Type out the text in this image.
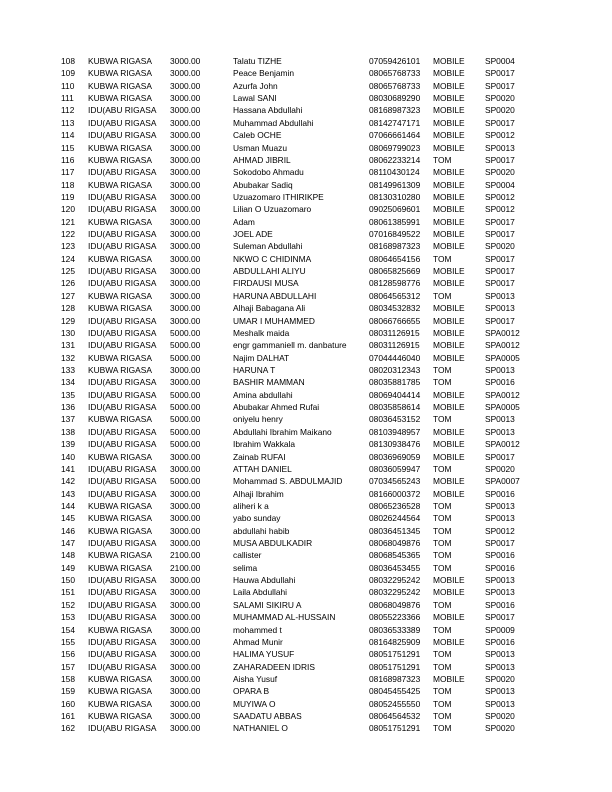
108	KUBWA RIGASA	3000.00	Talatu TIZHE	07059426101	MOBILE	SP0004
109	KUBWA RIGASA	3000.00	Peace Benjamin	08065768733	MOBILE	SP0017
110	KUBWA RIGASA	3000.00	Azurfa John	08065768733	MOBILE	SP0017
111	KUBWA RIGASA	3000.00	Lawal SANI	08030689290	MOBILE	SP0020
112	IDU(ABU RIGASA	3000.00	Hassana Abdullahi	08168987323	MOBILE	SP0020
113	IDU(ABU RIGASA	3000.00	Muhammad Abdullahi	08142747171	MOBILE	SP0017
114	IDU(ABU RIGASA	3000.00	Caleb OCHE	07066661464	MOBILE	SP0012
115	KUBWA RIGASA	3000.00	Usman Muazu	08069799023	MOBILE	SP0013
116	KUBWA RIGASA	3000.00	AHMAD JIBRIL	08062233214	TOM	SP0017
117	IDU(ABU RIGASA	3000.00	Sokodobo Ahmadu	08110430124	MOBILE	SP0020
118	KUBWA RIGASA	3000.00	Abubakar Sadiq	08149961309	MOBILE	SP0004
119	IDU(ABU RIGASA	3000.00	Uzuazomaro ITHIRIKPE	08130310280	MOBILE	SP0012
120	IDU(ABU RIGASA	3000.00	Lilian O Uzuazomaro	09025069601	MOBILE	SP0012
121	KUBWA RIGASA	3000.00	Adam	08061385991	MOBILE	SP0017
122	IDU(ABU RIGASA	3000.00	JOEL ADE	07016849522	MOBILE	SP0017
123	IDU(ABU RIGASA	3000.00	Suleman Abdullahi	08168987323	MOBILE	SP0020
124	KUBWA RIGASA	3000.00	NKWO C CHIDINMA	08064654156	TOM	SP0017
125	IDU(ABU RIGASA	3000.00	ABDULLAHI ALIYU	08065825669	MOBILE	SP0017
126	IDU(ABU RIGASA	3000.00	FIRDAUSI MUSA	08128598776	MOBILE	SP0017
127	KUBWA RIGASA	3000.00	HARUNA ABDULLAHI	08064565312	TOM	SP0013
128	KUBWA RIGASA	3000.00	Alhaji Babagana Ali	08034532832	MOBILE	SP0013
129	IDU(ABU RIGASA	3000.00	UMAR I MUHAMMED	08066766655	MOBILE	SP0017
130	IDU(ABU RIGASA	5000.00	Meshalk maida	08031126915	MOBILE	SPA0012
131	IDU(ABU RIGASA	5000.00	engr gammaniell m. danbature	08031126915	MOBILE	SPA0012
132	KUBWA RIGASA	5000.00	Najim DALHAT	07044446040	MOBILE	SPA0005
133	KUBWA RIGASA	3000.00	HARUNA T	08020312343	TOM	SP0013
134	IDU(ABU RIGASA	3000.00	BASHIR MAMMAN	08035881785	TOM	SP0016
135	IDU(ABU RIGASA	5000.00	Amina abdullahi	08069404414	MOBILE	SPA0012
136	IDU(ABU RIGASA	5000.00	Abubakar Ahmed Rufai	08035858614	MOBILE	SPA0005
137	KUBWA RIGASA	5000.00	oniyelu henry	08036453152	TOM	SP0013
138	IDU(ABU RIGASA	5000.00	Abdullahi Ibrahim Maikano	08103948957	MOBILE	SP0013
139	IDU(ABU RIGASA	5000.00	Ibrahim Wakkala	08130938476	MOBILE	SPA0012
140	KUBWA RIGASA	3000.00	Zainab RUFAI	08036969059	MOBILE	SP0017
141	IDU(ABU RIGASA	3000.00	ATTAH DANIEL	08036059947	TOM	SP0020
142	IDU(ABU RIGASA	5000.00	Mohammad S. ABDULMAJID	07034565243	MOBILE	SPA0007
143	IDU(ABU RIGASA	3000.00	Alhaji Ibrahim	08166000372	MOBILE	SP0016
144	KUBWA RIGASA	3000.00	aliheri k a	08065236528	TOM	SP0013
145	KUBWA RIGASA	3000.00	yabo sunday	08026244564	TOM	SP0013
146	KUBWA RIGASA	3000.00	abdullahi habib	08036451345	TOM	SP0012
147	IDU(ABU RIGASA	3000.00	MUSA ABDULKADIR	08068049876	TOM	SP0017
148	KUBWA RIGASA	2100.00	callister	08068545365	TOM	SP0016
149	KUBWA RIGASA	2100.00	selima	08036453455	TOM	SP0016
150	IDU(ABU RIGASA	3000.00	Hauwa Abdullahi	08032295242	MOBILE	SP0013
151	IDU(ABU RIGASA	3000.00	Laila Abdullahi	08032295242	MOBILE	SP0013
152	IDU(ABU RIGASA	3000.00	SALAMI SIKIRU A	08068049876	TOM	SP0016
153	IDU(ABU RIGASA	3000.00	MUHAMMAD AL-HUSSAIN	08055223366	MOBILE	SP0017
154	KUBWA RIGASA	3000.00	mohammed t	08036533389	TOM	SP0009
155	IDU(ABU RIGASA	3000.00	Ahmad Munir	08164825909	MOBILE	SP0016
156	IDU(ABU RIGASA	3000.00	HALIMA YUSUF	08051751291	TOM	SP0013
157	IDU(ABU RIGASA	3000.00	ZAHARADEEN IDRIS	08051751291	TOM	SP0013
158	KUBWA RIGASA	3000.00	Aisha Yusuf	08168987323	MOBILE	SP0020
159	KUBWA RIGASA	3000.00	OPARA B	08045455425	TOM	SP0013
160	KUBWA RIGASA	3000.00	MUYIWA O	08052455550	TOM	SP0013
161	KUBWA RIGASA	3000.00	SAADATU ABBAS	08064564532	TOM	SP0020
162	IDU(ABU RIGASA	3000.00	NATHANIEL O	08051751291	TOM	SP0020
